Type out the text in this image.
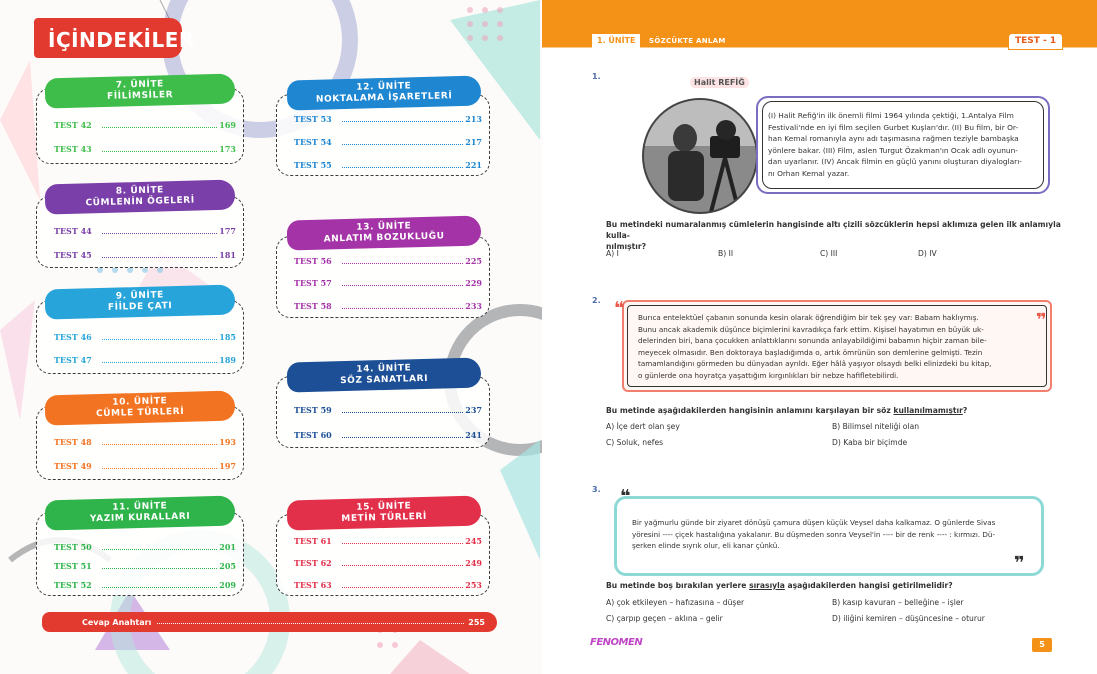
İÇİNDEKİLER
7. ÜNİTE
FİİLİMSİLER
TEST 42	169
TEST 43	173
8. ÜNİTE
CÜMLENİN ÖGELERİ
TEST 44	177
TEST 45	181
9. ÜNİTE
FİİLDE ÇATI
TEST 46	185
TEST 47	189
10. ÜNİTE
CÜMLE TÜRLERİ
TEST 48	193
TEST 49	197
11. ÜNİTE
YAZIM KURALLARI
TEST 50	201
TEST 51	205
TEST 52	209
12. ÜNİTE
NOKTALAMA İŞARETLERİ
TEST 53	213
TEST 54	217
TEST 55	221
13. ÜNİTE
ANLATIM BOZUKLUĞU
TEST 56	225
TEST 57	229
TEST 58	233
14. ÜNİTE
SÖZ SANATLARI
TEST 59	237
TEST 60	241
15. ÜNİTE
METİN TÜRLERİ
TEST 61	245
TEST 62	249
TEST 63	253
Cevap Anahtarı	255
1. ÜNİTE	SÖZCÜKTE ANLAM	TEST - 1
1.
Halit REFİĞ
(I) Halit Refiğ'in ilk önemli filmi 1964 yılında çektiği, 1.Antalya Film
Festivali'nde en iyi film seçilen Gurbet Kuşları'dır. (II) Bu film, bir Or-
han Kemal romanıyla aynı adı taşımasına rağmen teziyle bambaşka
yönlere bakar. (III) Film, aslen Turgut Özakman'ın Ocak adlı oyunun-
dan uyarlanır. (IV) Ancak filmin en güçlü yanını oluşturan diyalogları-
nı Orhan Kemal yazar.
Bu metindeki numaralanmış cümlelerin hangisinde altı çizili sözcüklerin hepsi aklımıza gelen ilk anlamıyla kulla-
nılmıştır?
A) I	B) II	C) III	D) IV
2. ❝
❞
Burıca entelektüel çabanın sonunda kesin olarak öğrendiğim bir tek şey var: Babam haklıymış.
Bunu ancak akademik düşünce biçimlerini kavradıkça fark ettim. Kişisel hayatımın en büyük uk-
delerinden biri, bana çocukken anlattıklarını sonunda anlayabildiğimi babamın hiçbir zaman bile-
meyecek olmasıdır. Ben doktoraya başladığımda o, artık ömrünün son demlerine gelmişti. Tezin
tamamlandığını görmeden bu dünyadan ayrıldı. Eğer hâlâ yaşıyor olsaydı belki elinizdeki bu kitap,
o günlerde ona hoyratça yaşattığım kırgınlıkları bir nebze hafifletebilirdi.
Bu metinde aşağıdakilerden hangisinin anlamını karşılayan bir söz kullanılmamıştır?
A) İçe dert olan şey	B) Bilimsel niteliği olan
C) Soluk, nefes	D) Kaba bir biçimde
3. ❝
❞
Bir yağmurlu günde bir ziyaret dönüşü çamura düşen küçük Veysel daha kalkamaz. O günlerde Sivas
yöresini ---- çiçek hastalığına yakalanır. Bu düşmeden sonra Veysel'in ---- bir de renk ---- : kırmızı. Dü-
şerken elinde sıyrık olur, eli kanar çünkü.
Bu metinde boş bırakılan yerlere sırasıyla aşağıdakilerden hangisi getirilmelidir?
A) çok etkileyen – hafızasına – düşer	B) kasıp kavuran – belleğine – işler
C) çarpıp geçen – aklına – gelir	D) iliğini kemiren – düşüncesine – oturur
FENOMEN	5
